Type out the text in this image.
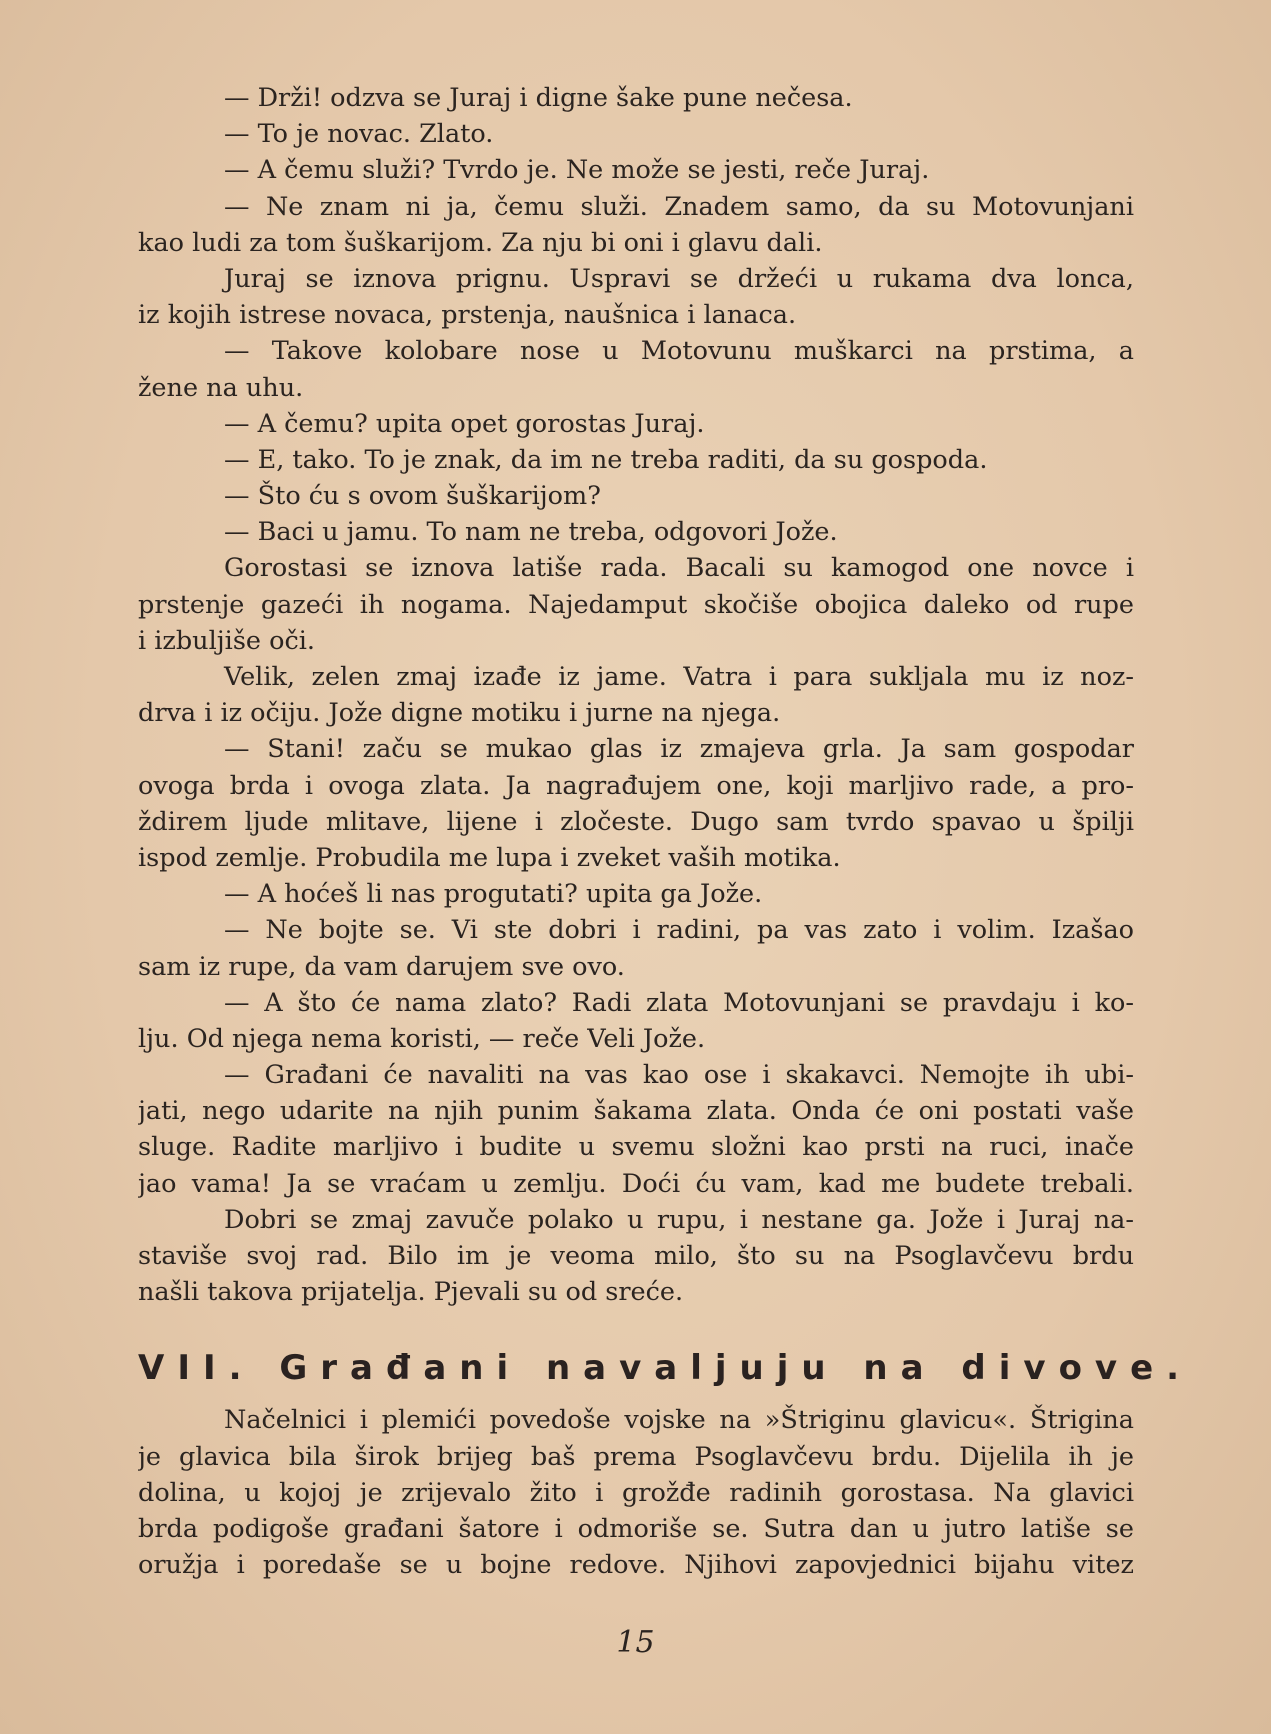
— Drži! odzva se Juraj i digne šake pune nečesa.
— To je novac. Zlato.
— A čemu služi? Tvrdo je. Ne može se jesti, reče Juraj.
— Ne znam ni ja, čemu služi. Znadem samo, da su Motovunjani
kao ludi za tom šuškarijom. Za nju bi oni i glavu dali.
Juraj se iznova prignu. Uspravi se držeći u rukama dva lonca,
iz kojih istrese novaca, prstenja, naušnica i lanaca.
— Takove kolobare nose u Motovunu muškarci na prstima, a
žene na uhu.
— A čemu? upita opet gorostas Juraj.
— E, tako. To je znak, da im ne treba raditi, da su gospoda.
— Što ću s ovom šuškarijom?
— Baci u jamu. To nam ne treba, odgovori Jože.
Gorostasi se iznova latiše rada. Bacali su kamogod one novce i
prstenje gazeći ih nogama. Najedamput skočiše obojica daleko od rupe
i izbuljiše oči.
Velik, zelen zmaj izađe iz jame. Vatra i para sukljala mu iz noz-
drva i iz očiju. Jože digne motiku i jurne na njega.
— Stani! začu se mukao glas iz zmajeva grla. Ja sam gospodar
ovoga brda i ovoga zlata. Ja nagrađujem one, koji marljivo rade, a pro-
ždirem ljude mlitave, lijene i zločeste. Dugo sam tvrdo spavao u špilji
ispod zemlje. Probudila me lupa i zveket vaših motika.
— A hoćeš li nas progutati? upita ga Jože.
— Ne bojte se. Vi ste dobri i radini, pa vas zato i volim. Izašao
sam iz rupe, da vam darujem sve ovo.
— A što će nama zlato? Radi zlata Motovunjani se pravdaju i ko-
lju. Od njega nema koristi, — reče Veli Jože.
— Građani će navaliti na vas kao ose i skakavci. Nemojte ih ubi-
jati, nego udarite na njih punim šakama zlata. Onda će oni postati vaše
sluge. Radite marljivo i budite u svemu složni kao prsti na ruci, inače
jao vama! Ja se vraćam u zemlju. Doći ću vam, kad me budete trebali.
Dobri se zmaj zavuče polako u rupu, i nestane ga. Jože i Juraj na-
staviše svoj rad. Bilo im je veoma milo, što su na Psoglavčevu brdu
našli takova prijatelja. Pjevali su od sreće.
VII. Građani navaljuju na divove.
Načelnici i plemići povedoše vojske na »Štriginu glavicu«. Štrigina
je glavica bila širok brijeg baš prema Psoglavčevu brdu. Dijelila ih je
dolina, u kojoj je zrijevalo žito i grožđe radinih gorostasa. Na glavici
brda podigoše građani šatore i odmoriše se. Sutra dan u jutro latiše se
oružja i poredaše se u bojne redove. Njihovi zapovjednici bijahu vitez
15
